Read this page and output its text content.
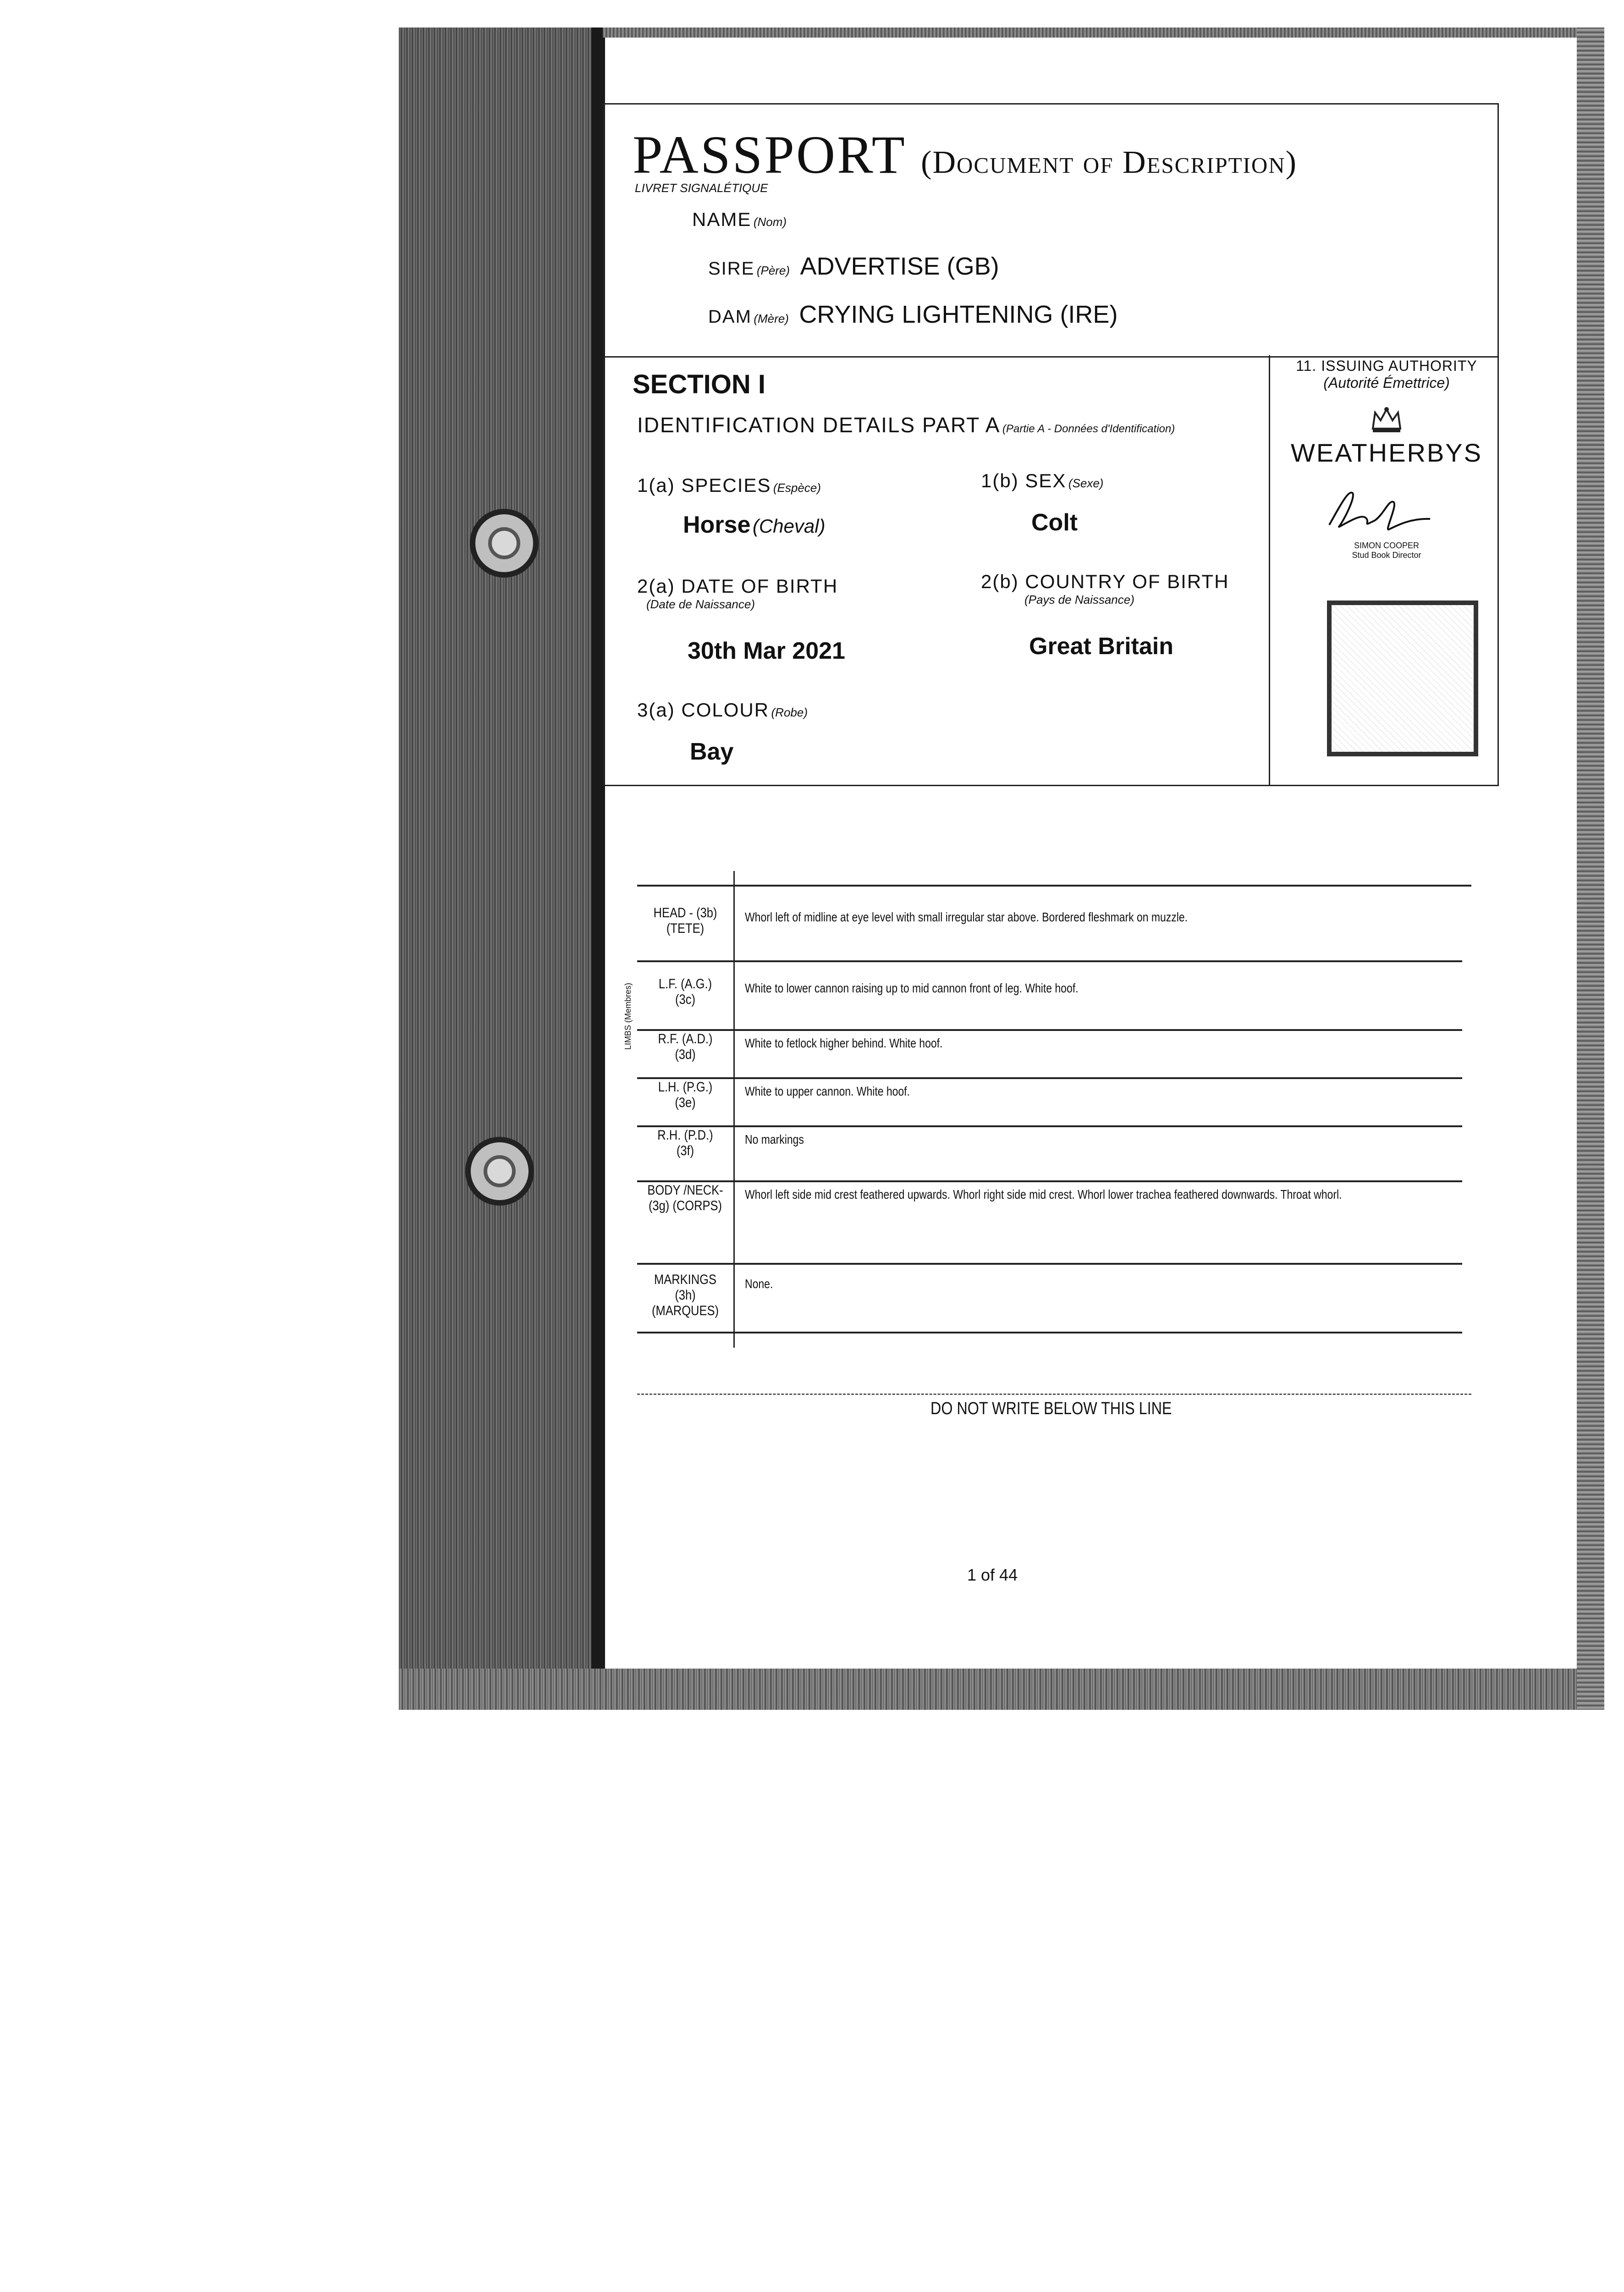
PASSPORT (Document of Description)
LIVRET SIGNALÉTIQUE
NAME (Nom)
SIRE (Père) ADVERTISE (GB)
DAM (Mère) CRYING LIGHTENING (IRE)
SECTION I
IDENTIFICATION DETAILS PART A (Partie A - Données d'Identification)
1(a) SPECIES (Espèce)
Horse (Cheval)
1(b) SEX (Sexe)
Colt
2(a) DATE OF BIRTH
(Date de Naissance)
30th Mar 2021
2(b) COUNTRY OF BIRTH
(Pays de Naissance)
Great Britain
3(a) COLOUR (Robe)
Bay
11. ISSUING AUTHORITY
(Autorité Émettrice)
WEATHERBYS
SIMON COOPER
Stud Book Director
LIMBS (Membres)
HEAD - (3b)
(TETE)
Whorl left of midline at eye level with small irregular star above. Bordered fleshmark on muzzle.
L.F. (A.G.)
(3c)
White to lower cannon raising up to mid cannon front of leg. White hoof.
R.F. (A.D.)
(3d)
White to fetlock higher behind. White hoof.
L.H. (P.G.)
(3e)
White to upper cannon. White hoof.
R.H. (P.D.)
(3f)
No markings
BODY /NECK-
(3g) (CORPS)
Whorl left side mid crest feathered upwards. Whorl right side mid crest. Whorl lower trachea feathered downwards. Throat whorl.
MARKINGS (3h)
(MARQUES)
None.
DO NOT WRITE BELOW THIS LINE
1 of 44
